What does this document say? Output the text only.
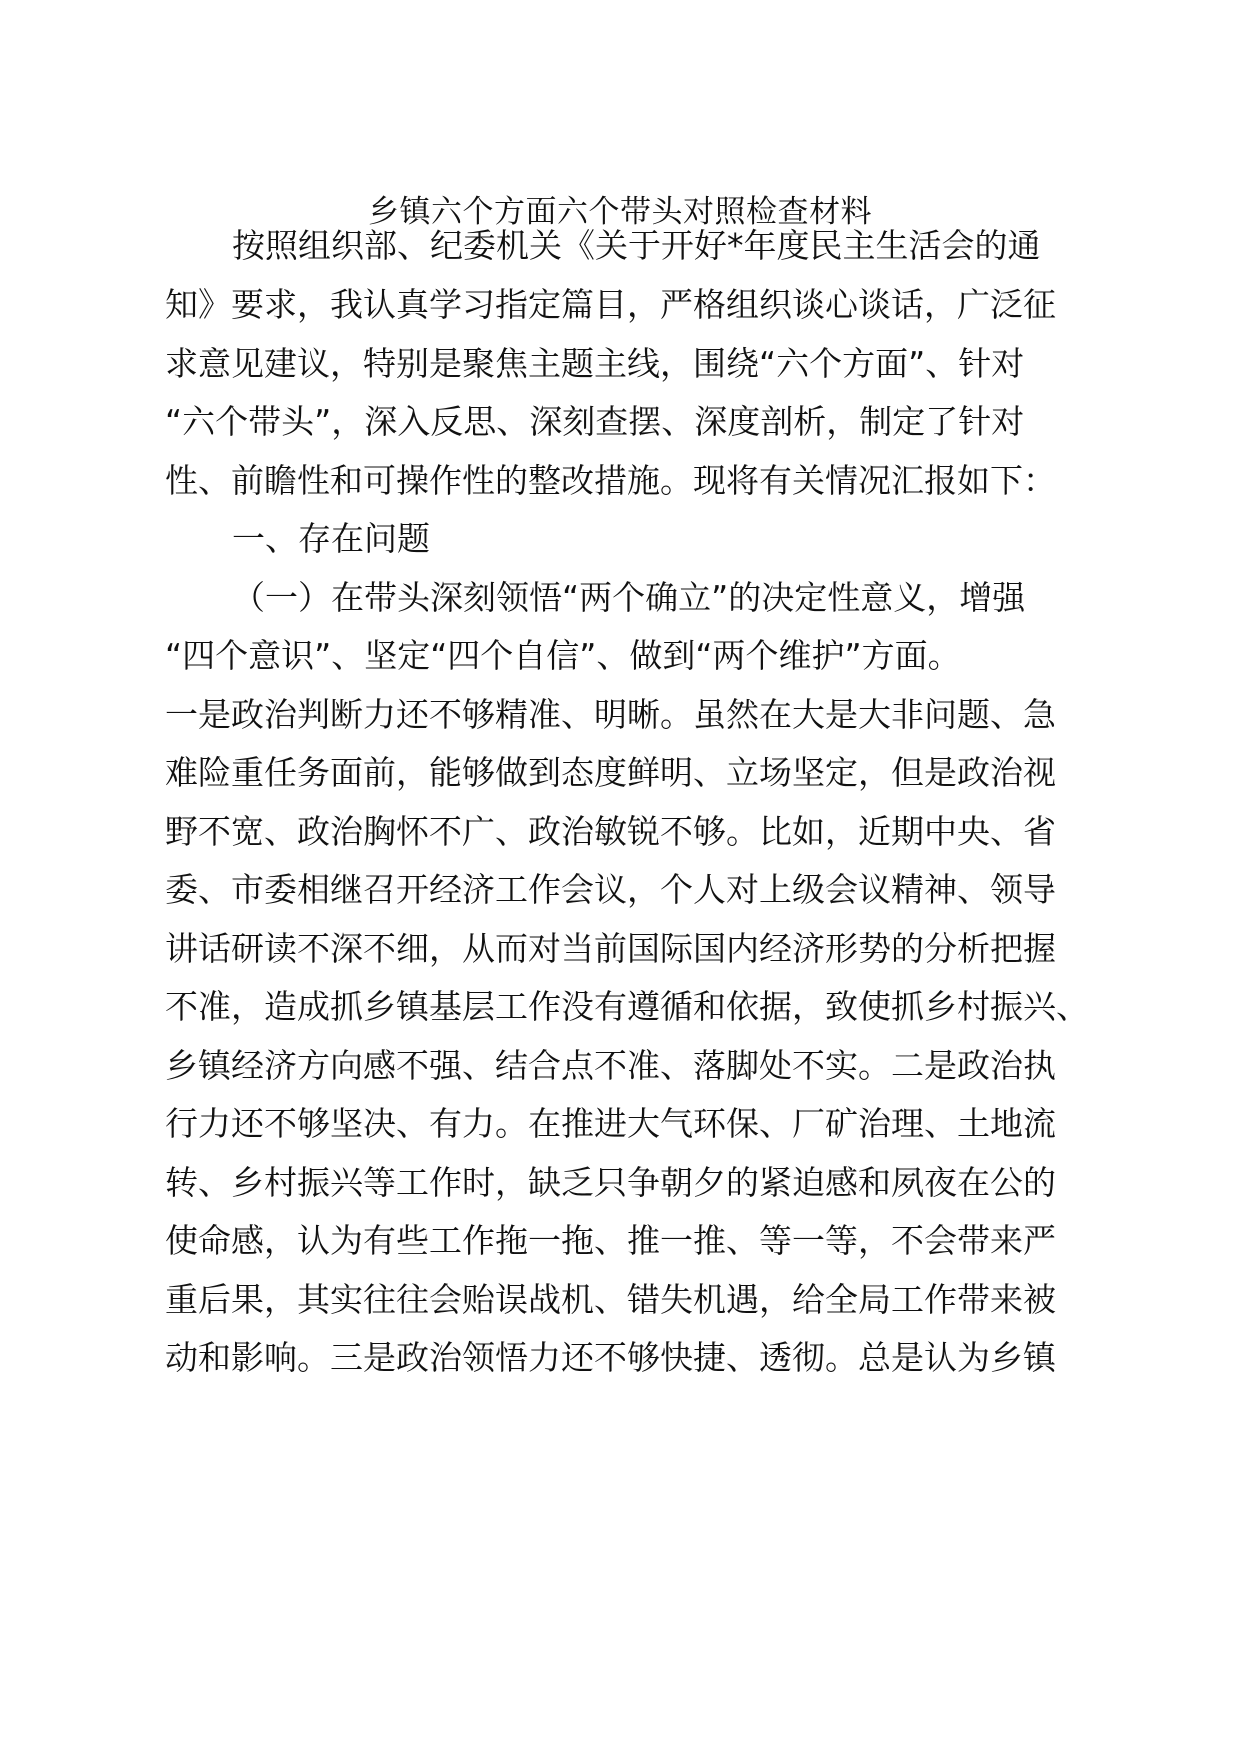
乡镇六个方面六个带头对照检查材料
按照组织部、纪委机关《关于开好*年度民主生活会的通
知》要求，我认真学习指定篇目，严格组织谈心谈话，广泛征
求意见建议，特别是聚焦主题主线，围绕“六个方面”、针对
“六个带头”，深入反思、深刻查摆、深度剖析，制定了针对
性、前瞻性和可操作性的整改措施。现将有关情况汇报如下：
一、存在问题
（一）在带头深刻领悟“两个确立”的决定性意义，增强
“四个意识”、坚定“四个自信”、做到“两个维护”方面。
一是政治判断力还不够精准、明晰。虽然在大是大非问题、急
难险重任务面前，能够做到态度鲜明、立场坚定，但是政治视
野不宽、政治胸怀不广、政治敏锐不够。比如，近期中央、省
委、市委相继召开经济工作会议，个人对上级会议精神、领导
讲话研读不深不细，从而对当前国际国内经济形势的分析把握
不准，造成抓乡镇基层工作没有遵循和依据，致使抓乡村振兴、
乡镇经济方向感不强、结合点不准、落脚处不实。二是政治执
行力还不够坚决、有力。在推进大气环保、厂矿治理、土地流
转、乡村振兴等工作时，缺乏只争朝夕的紧迫感和夙夜在公的
使命感，认为有些工作拖一拖、推一推、等一等，不会带来严
重后果，其实往往会贻误战机、错失机遇，给全局工作带来被
动和影响。三是政治领悟力还不够快捷、透彻。总是认为乡镇
